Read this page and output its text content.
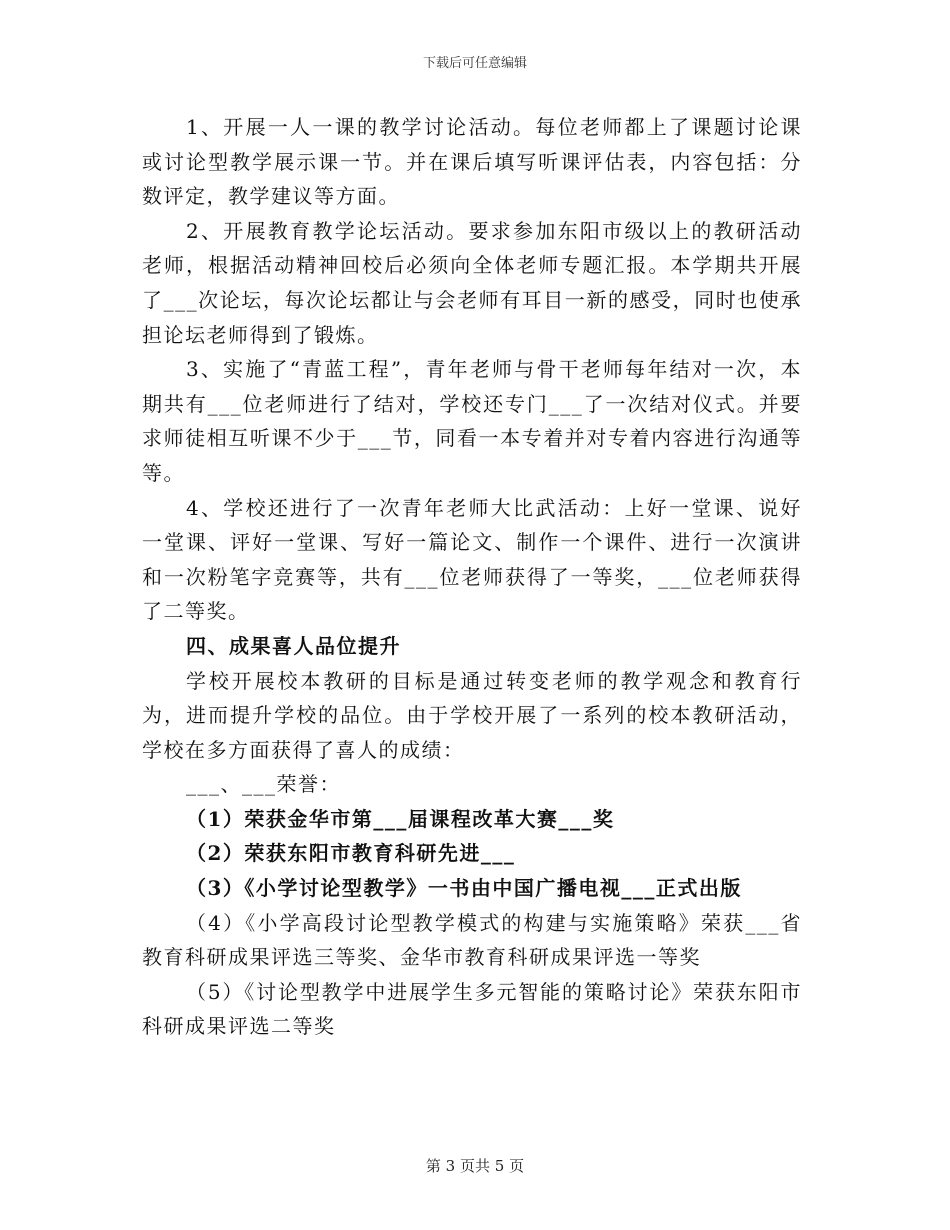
下载后可任意编辑

1、开展一人一课的教学讨论活动。每位老师都上了课题讨论课或讨论型教学展示课一节。并在课后填写听课评估表，内容包括：分数评定，教学建议等方面。

2、开展教育教学论坛活动。要求参加东阳市级以上的教研活动老师，根据活动精神回校后必须向全体老师专题汇报。本学期共开展了___次论坛，每次论坛都让与会老师有耳目一新的感受，同时也使承担论坛老师得到了锻炼。

3、实施了“青蓝工程”，青年老师与骨干老师每年结对一次，本期共有___位老师进行了结对，学校还专门___了一次结对仪式。并要求师徒相互听课不少于___节，同看一本专着并对专着内容进行沟通等等。

4、学校还进行了一次青年老师大比武活动：上好一堂课、说好一堂课、评好一堂课、写好一篇论文、制作一个课件、进行一次演讲和一次粉笔字竞赛等，共有___位老师获得了一等奖，___位老师获得了二等奖。

四、成果喜人品位提升

学校开展校本教研的目标是通过转变老师的教学观念和教育行为，进而提升学校的品位。由于学校开展了一系列的校本教研活动，学校在多方面获得了喜人的成绩：

___、___荣誉：

（1）荣获金华市第___届课程改革大赛___奖

（2）荣获东阳市教育科研先进___

（3）《小学讨论型教学》一书由中国广播电视___正式出版

（4）《小学高段讨论型教学模式的构建与实施策略》荣获___省教育科研成果评选三等奖、金华市教育科研成果评选一等奖

（5）《讨论型教学中进展学生多元智能的策略讨论》荣获东阳市科研成果评选二等奖

第 3 页共 5 页
